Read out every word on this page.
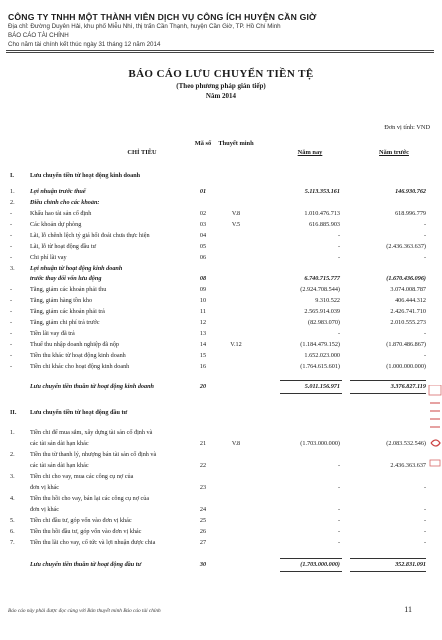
CÔNG TY TNHH MỘT THÀNH VIÊN DỊCH VỤ CÔNG ÍCH HUYỆN CẦN GIỜ
Địa chỉ: Đường Duyên Hải, khu phố Miễu Nhì, thị trấn Cần Thạnh, huyện Cần Giờ, TP. Hồ Chí Minh
BÁO CÁO TÀI CHÍNH
Cho năm tài chính kết thúc ngày 31 tháng 12 năm 2014
BÁO CÁO LƯU CHUYỂN TIỀN TỆ
(Theo phương pháp gián tiếp)
Năm 2014
Đơn vị tính: VND
CHỈ TIÊU
Mã số	Thuyết minh
Năm nay	Năm trước
I.	Lưu chuyển tiền từ hoạt động kinh doanh
1. Lợi nhuận trước thuế	01	5.113.353.161	146.930.762
2. Điều chỉnh cho các khoản:
-	Khấu hao tài sản cố định	02	V.8	1.010.476.713	618.996.779
-	Các khoản dự phòng	03	V.5	616.885.903	-
-	Lãi, lỗ chênh lệch tỷ giá hối đoái chưa thực hiện	04	-	-
-	Lãi, lỗ từ hoạt động đầu tư	05	-	(2.436.363.637)
-	Chi phí lãi vay	06	-	-
3. Lợi nhuận từ hoạt động kinh doanh
trước thay đổi vốn lưu động	08	6.740.715.777	(1.670.436.096)
-	Tăng, giảm các khoản phải thu	09	(2.924.708.544)	3.074.008.787
-	Tăng, giảm hàng tồn kho	10	9.310.522	406.444.312
-	Tăng, giảm các khoản phải trả	11	2.565.914.039	2.426.741.710
-	Tăng, giảm chi phí trả trước	12	(82.983.070)	2.010.555.273
-	Tiền lãi vay đã trả	13	-	-
-	Thuế thu nhập doanh nghiệp đã nộp	14	V.12	(1.184.479.152)	(1.870.486.867)
-	Tiền thu khác từ hoạt động kinh doanh	15	1.652.023.000	-
-	Tiền chi khác cho hoạt động kinh doanh	16	(1.764.615.601)	(1.000.000.000)
Lưu chuyển tiền thuần từ hoạt động kinh doanh	20	5.011.156.971	3.376.827.119
II. Lưu chuyển tiền từ hoạt động đầu tư
1. Tiền chi để mua sắm, xây dựng tài sản cố định và
các tài sản dài hạn khác	21	V.8	(1.703.000.000)	(2.083.532.546)
2. Tiền thu từ thanh lý, nhượng bán tài sản cố định và
các tài sản dài hạn khác	22	-	2.436.363.637
3. Tiền chi cho vay, mua các công cụ nợ của
đơn vị khác	23	-	-
4. Tiền thu hồi cho vay, bán lại các công cụ nợ của
đơn vị khác	24	-	-
5. Tiền chi đầu tư, góp vốn vào đơn vị khác	25	-	-
6. Tiền thu hồi đầu tư, góp vốn vào đơn vị khác	26	-	-
7. Tiền thu lãi cho vay, cổ tức và lợi nhuận được chia	27	-	-
Lưu chuyển tiền thuần từ hoạt động đầu tư	30	(1.703.000.000)	352.831.091
Báo cáo này phải được đọc cùng với Bản thuyết minh Báo cáo tài chính	11
